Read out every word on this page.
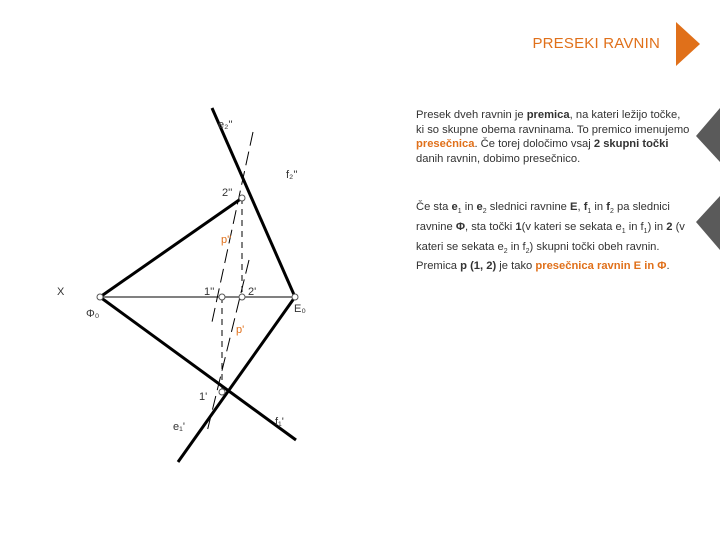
PRESEKI RAVNIN
Presek dveh ravnin je premica, na kateri ležijo točke, ki so skupne obema ravninama. To premico imenujemo presečnica. Če torej določimo vsaj 2 skupni točki danih ravnin, dobimo presečnico.
Če sta $e_1$ in $e_2$ slednici ravnine Ε, $f_1$ in $f_2$ pa slednici ravnine Φ, sta točki 1(v kateri se sekata $e_1$ in $f_1$) in 2 (v kateri se sekata $e_2$ in $f_2$) skupni točki obeh ravnin. Premica p (1, 2) je tako presečnica ravnin Ε in Φ.
X
e₂''
f₂''
2''
p''
1''	2'
Ε₀
Φ₀
p'
1'
e₁'	f₁'
